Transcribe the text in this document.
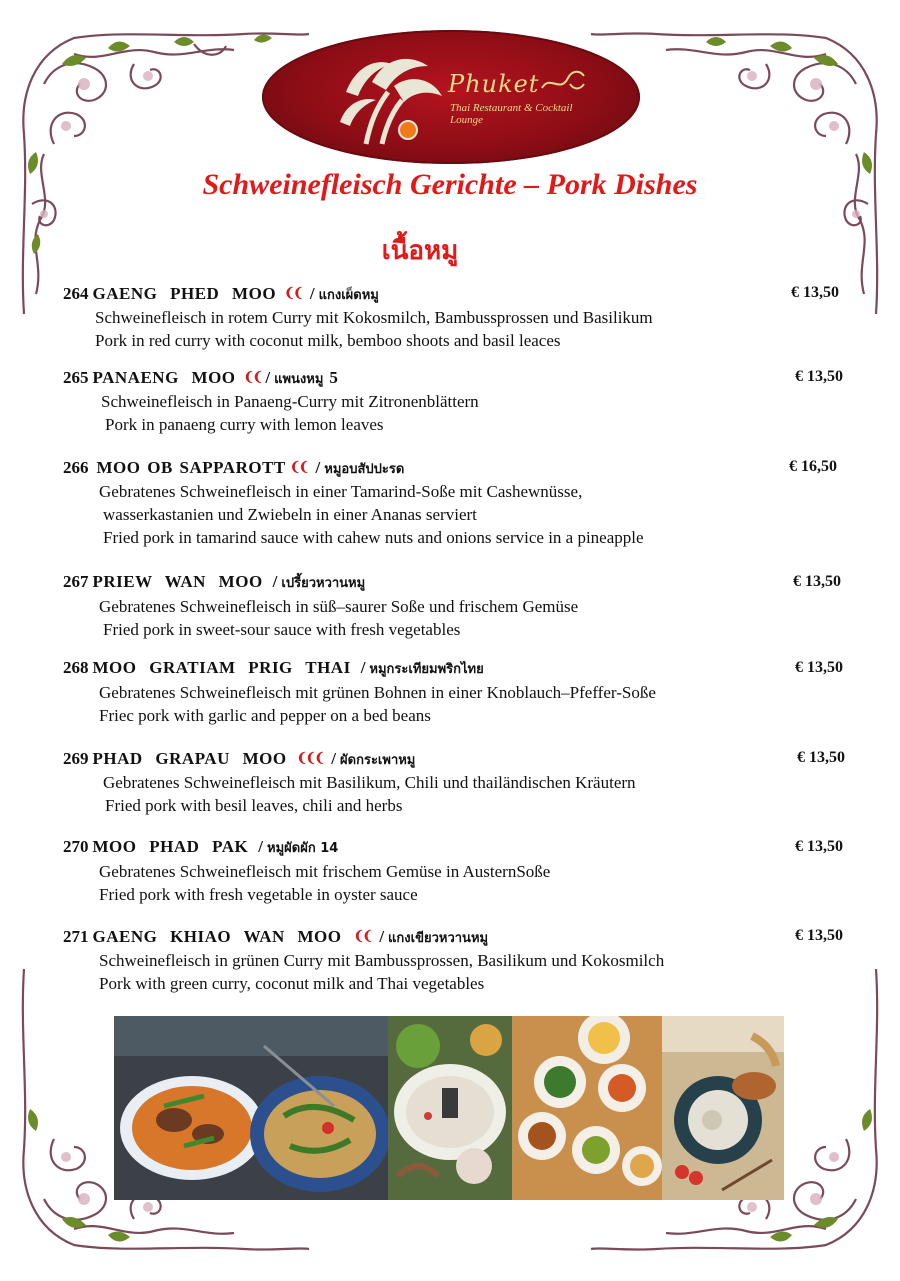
Phuket
Thai Restaurant & Cocktail Lounge
Schweinefleisch Gerichte – Pork Dishes
เนื้อหมู
264 GAENG PHED MOO ❨❨ / แกงเผ็ดหมู	€ 13,50
Schweinefleisch in rotem Curry mit Kokosmilch, Bambussprossen und Basilikum
Pork in red curry with coconut milk, bemboo shoots and basil leaces
265 PANAENG MOO ❨❨ / แพนงหมู 5	€ 13,50
Schweinefleisch in Panaeng-Curry mit Zitronenblättern
Pork in panaeng curry with lemon leaves
266 MOO OB SAPPAROTT ❨❨ / หมูอบสัปปะรด	€ 16,50
Gebratenes Schweinefleisch in einer Tamarind-Soße mit Cashewnüsse,
wasserkastanien und Zwiebeln in einer Ananas serviert
Fried pork in tamarind sauce with cahew nuts and onions service in a pineapple
267 PRIEW WAN MOO / เปรี้ยวหวานหมู	€ 13,50
Gebratenes Schweinefleisch in süß–saurer Soße und frischem Gemüse
Fried pork in sweet-sour sauce with fresh vegetables
268 MOO GRATIAM PRIG THAI / หมูกระเทียมพริกไทย	€ 13,50
Gebratenes Schweinefleisch mit grünen Bohnen in einer Knoblauch–Pfeffer-Soße
Friec pork with garlic and pepper on a bed beans
269 PHAD GRAPAU MOO ❨❨❨ / ผัดกระเพาหมู	€ 13,50
Gebratenes Schweinefleisch mit Basilikum, Chili und thailändischen Kräutern
Fried pork with besil leaves, chili and herbs
270 MOO PHAD PAK / หมูผัดผัก 14	€ 13,50
Gebratenes Schweinefleisch mit frischem Gemüse in AusternSoße
Fried pork with fresh vegetable in oyster sauce
271 GAENG KHIAO WAN MOO ❨❨ / แกงเขียวหวานหมู	€ 13,50
Schweinefleisch in grünen Curry mit Bambussprossen, Basilikum und Kokosmilch
Pork with green curry, coconut milk and Thai vegetables
